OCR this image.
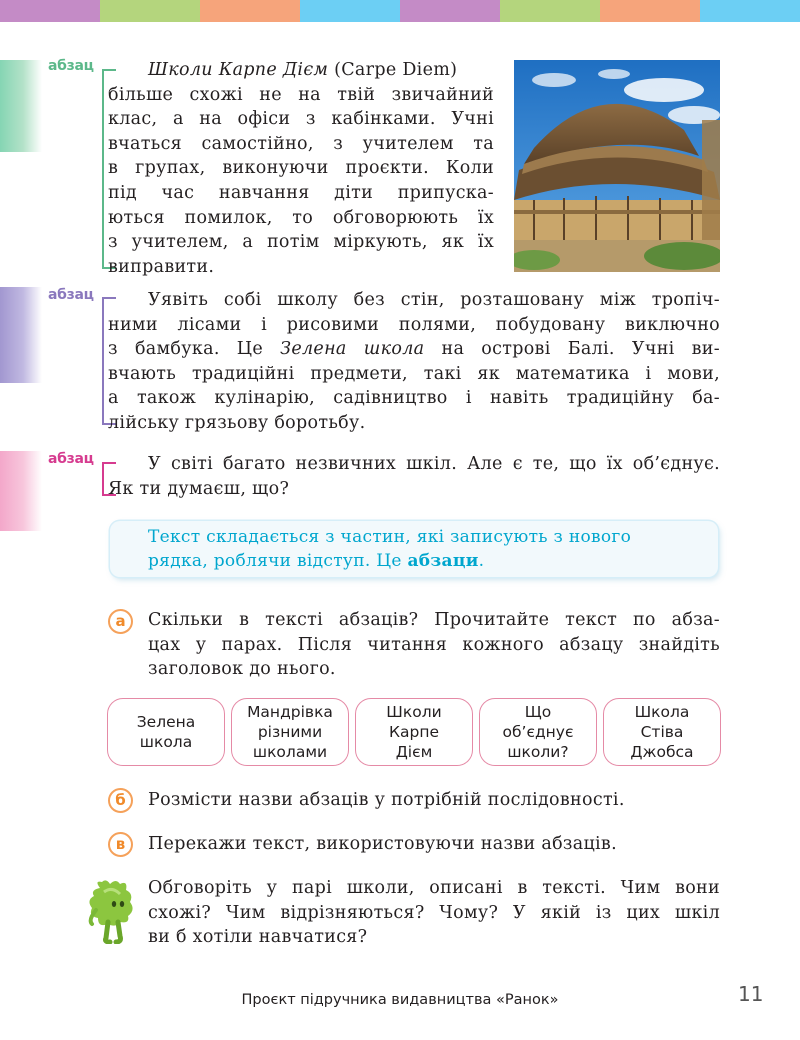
абзац	Школи Карпе Дієм (Carpe Diem)
більше схожі не на твій звичайний
клас, а на офіси з кабінками. Учні
вчаться самостійно, з учителем та
в групах, виконуючи проєкти. Коли
під час навчання діти припуска-
ються помилок, то обговорюють їх
з учителем, а потім міркують, як їх
виправити.
абзац	Уявіть собі школу без стін, розташовану між тропіч-
ними лісами і рисовими полями, побудовану виключно
з бамбука. Це Зелена школа на острові Балі. Учні ви-
вчають традиційні предмети, такі як математика і мови,
а також кулінарію, садівництво і навіть традиційну ба-
лійську грязьову боротьбу.
абзац	У світі багато незвичних шкіл. Але є те, що їх об’єднує.
Як ти думаєш, що?
Текст складається з частин, які записують з нового
рядка, роблячи відступ. Це абзаци.
а	Скільки в тексті абзаців? Прочитайте текст по абза-
цах у парах. Після читання кожного абзацу знайдіть
заголовок до нього.
Зелена
школа
Мандрівка
різними
школами
Школи
Карпе
Дієм
Що
об’єднує
школи?
Школа
Стіва
Джобса
б	Розмісти назви абзаців у потрібній послідовності.
в	Перекажи текст, використовуючи назви абзаців.
Обговоріть у парі школи, описані в тексті. Чим вони
схожі? Чим відрізняються? Чому? У якій із цих шкіл
ви б хотіли навчатися?
Проєкт підручника видавництва «Ранок»	11
